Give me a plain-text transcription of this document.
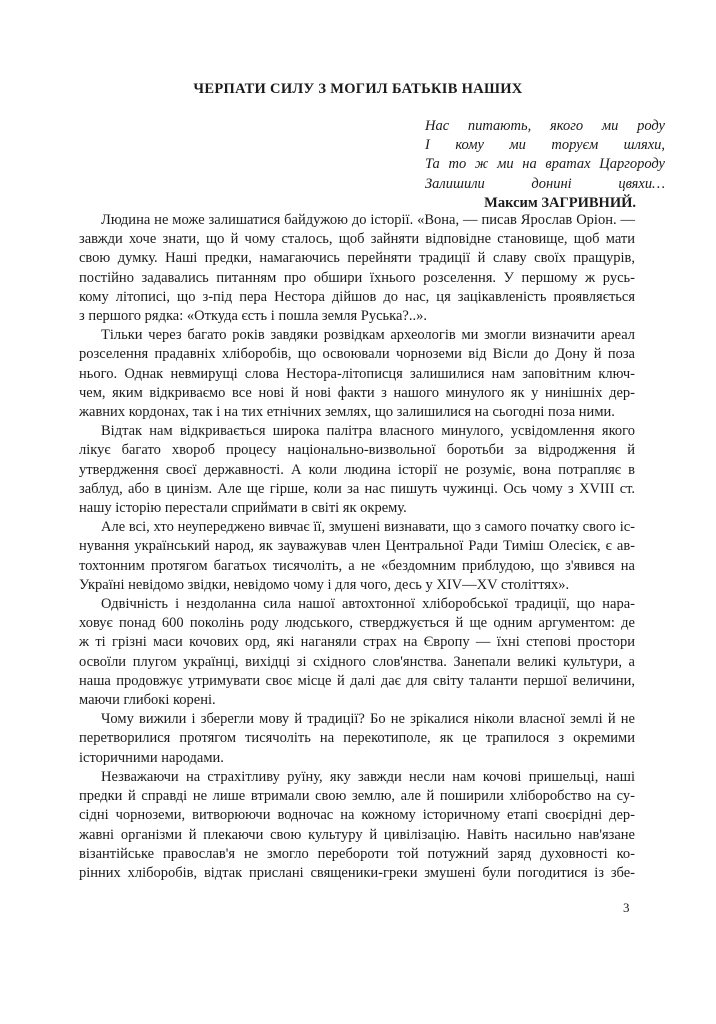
ЧЕРПАТИ СИЛУ З МОГИЛ БАТЬКІВ НАШИХ
Нас питають, якого ми роду
І кому ми торуєм шляхи,
Та то ж ми на вратах Царгороду
Залишили донині цвяхи…
Максим ЗАГРИВНИЙ.
Людина не може залишатися байдужою до історії. «Вона, — писав Ярослав Оріон. —
завжди хоче знати, що й чому сталось, щоб зайняти відповідне становище, щоб мати
свою думку. Наші предки, намагаючись перейняти традиції й славу своїх пращурів,
постійно задавались питанням про обшири їхнього розселення. У першому ж русь-
кому літописі, що з-під пера Нестора дійшов до нас, ця зацікавленість проявляється
з першого рядка: «Откуда єсть і пошла земля Руська?..».
Тільки через багато років завдяки розвідкам археологів ми змогли визначити ареал
розселення прадавніх хліборобів, що освоювали чорноземи від Вісли до Дону й поза
нього. Однак невмирущі слова Нестора-літописця залишилися нам заповітним ключ-
чем, яким відкриваємо все нові й нові факти з нашого минулого як у нинішніх дер-
жавних кордонах, так і на тих етнічних землях, що залишилися на сьогодні поза ними.
Відтак нам відкривається широка палітра власного минулого, усвідомлення якого
лікує багато хвороб процесу національно-визвольної боротьби за відродження й
утвердження своєї державності. А коли людина історії не розуміє, вона потрапляє в
заблуд, або в цинізм. Але ще гірше, коли за нас пишуть чужинці. Ось чому з XVIII ст.
нашу історію перестали сприймати в світі як окрему.
Але всі, хто неупереджено вивчає її, змушені визнавати, що з самого початку свого іс-
нування український народ, як зауважував член Центральної Ради Тиміш Олесієк, є ав-
тохтонним протягом багатьох тисячоліть, а не «бездомним приблудою, що з'явився на
Україні невідомо звідки, невідомо чому і для чого, десь у XIV—XV століттях».
Одвічність і нездоланна сила нашої автохтонної хліборобської традиції, що нара-
ховує понад 600 поколінь роду людського, стверджується й ще одним аргументом: де
ж ті грізні маси кочових орд, які наганяли страх на Європу — їхні степові простори
освоїли плугом українці, вихідці зі східного слов'янства. Занепали великі культури, а
наша продовжує утримувати своє місце й далі дає для світу таланти першої величини,
маючи глибокі корені.
Чому вижили і зберегли мову й традиції? Бо не зрікалися ніколи власної землі й не
перетворилися протягом тисячоліть на перекотиполе, як це трапилося з окремими
історичними народами.
Незважаючи на страхітливу руїну, яку завжди несли нам кочові пришельці, наші
предки й справді не лише втримали свою землю, але й поширили хліборобство на су-
сідні чорноземи, витворюючи водночас на кожному історичному етапі своєрідні дер-
жавні організми й плекаючи свою культуру й цивілізацію. Навіть насильно нав'язане
візантійське православ'я не змогло перебороти той потужний заряд духовності ко-
рінних хліборобів, відтак прислані священики-греки змушені були погодитися із збе-
3
